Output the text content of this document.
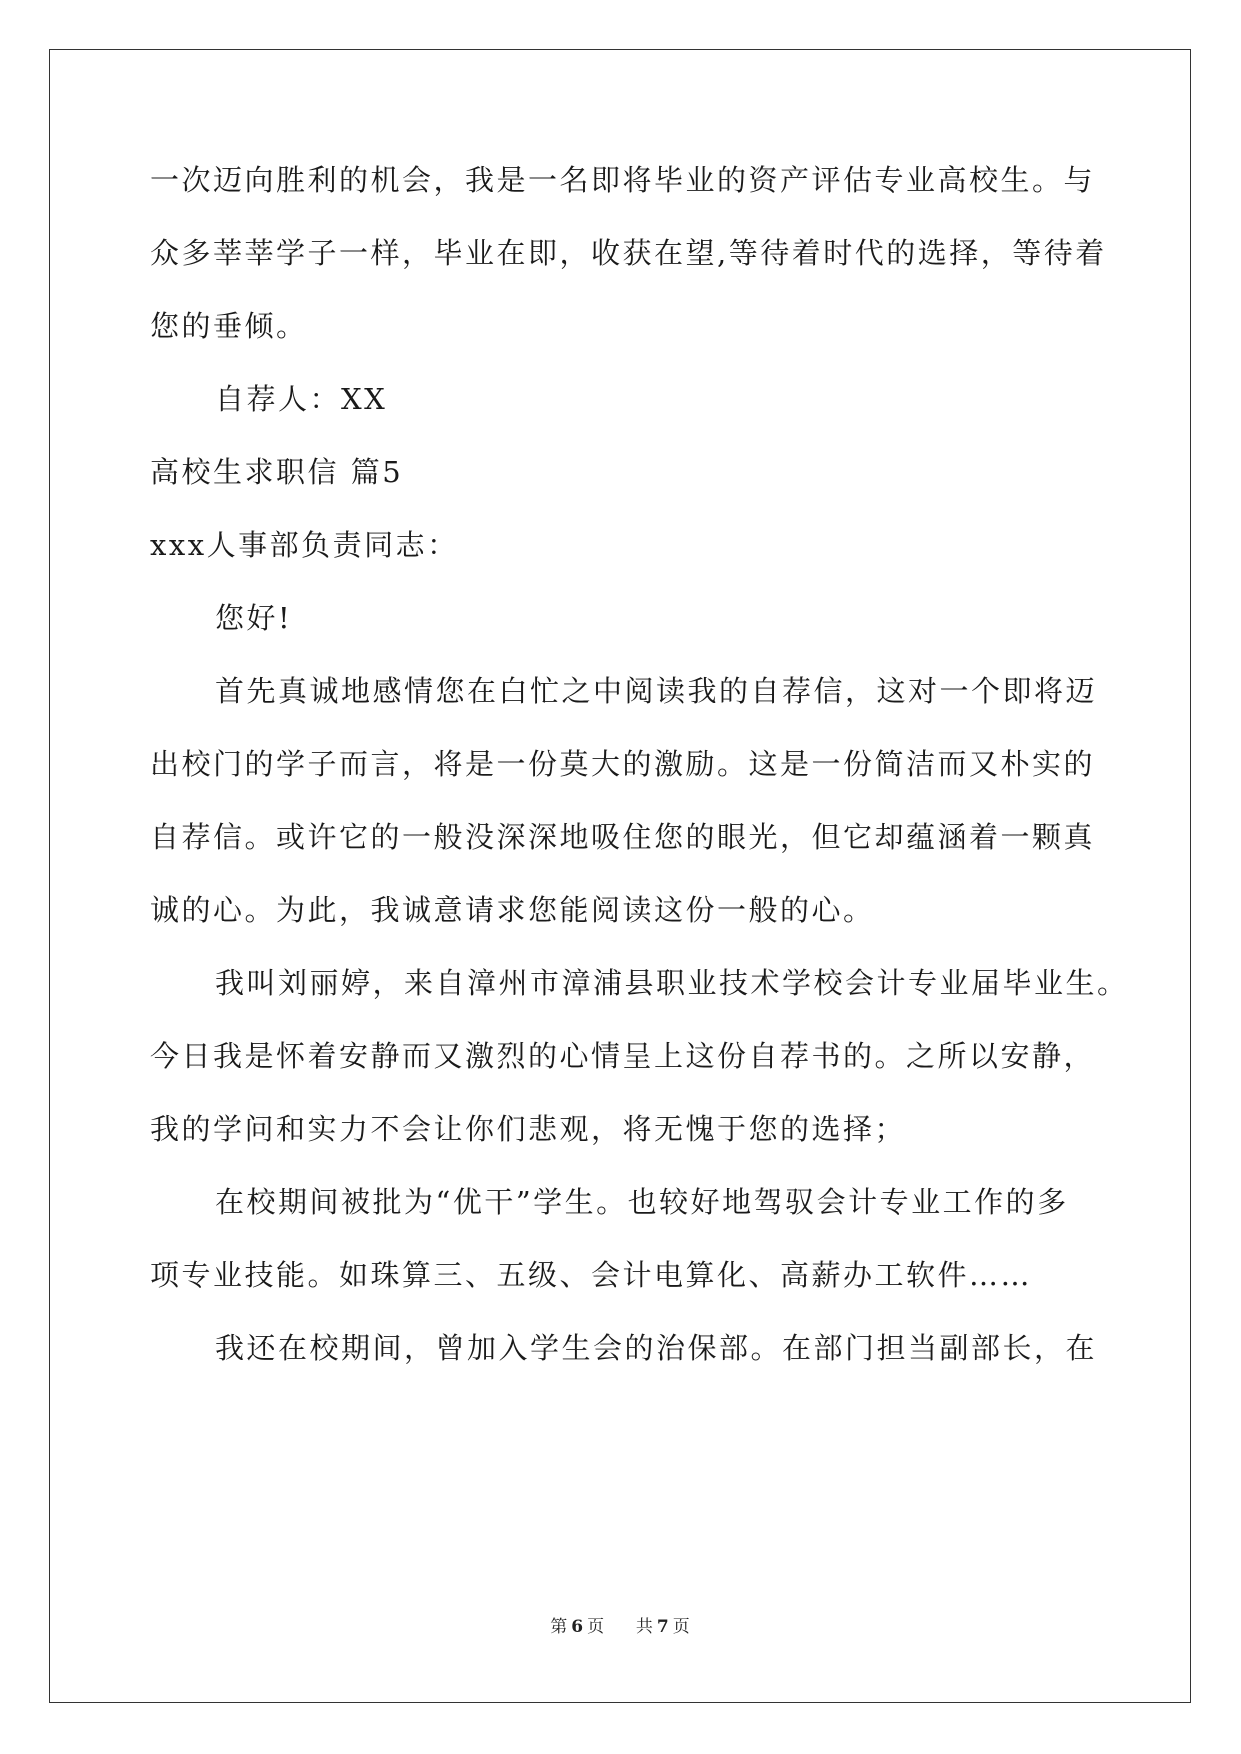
一次迈向胜利的机会，我是一名即将毕业的资产评估专业高校生。与
众多莘莘学子一样，毕业在即，收获在望,等待着时代的选择，等待着
您的垂倾。
自荐人：XX
高校生求职信 篇5
xxx人事部负责同志：
您好!
首先真诚地感情您在白忙之中阅读我的自荐信，这对一个即将迈
出校门的学子而言，将是一份莫大的激励。这是一份简洁而又朴实的
自荐信。或许它的一般没深深地吸住您的眼光，但它却蕴涵着一颗真
诚的心。为此，我诚意请求您能阅读这份一般的心。
我叫刘丽婷，来自漳州市漳浦县职业技术学校会计专业届毕业生。
今日我是怀着安静而又激烈的心情呈上这份自荐书的。之所以安静，
我的学问和实力不会让你们悲观，将无愧于您的选择；
在校期间被批为“优干”学生。也较好地驾驭会计专业工作的多
项专业技能。如珠算三、五级、会计电算化、高薪办工软件……
我还在校期间，曾加入学生会的治保部。在部门担当副部长，在
第 6 页 共 7 页
